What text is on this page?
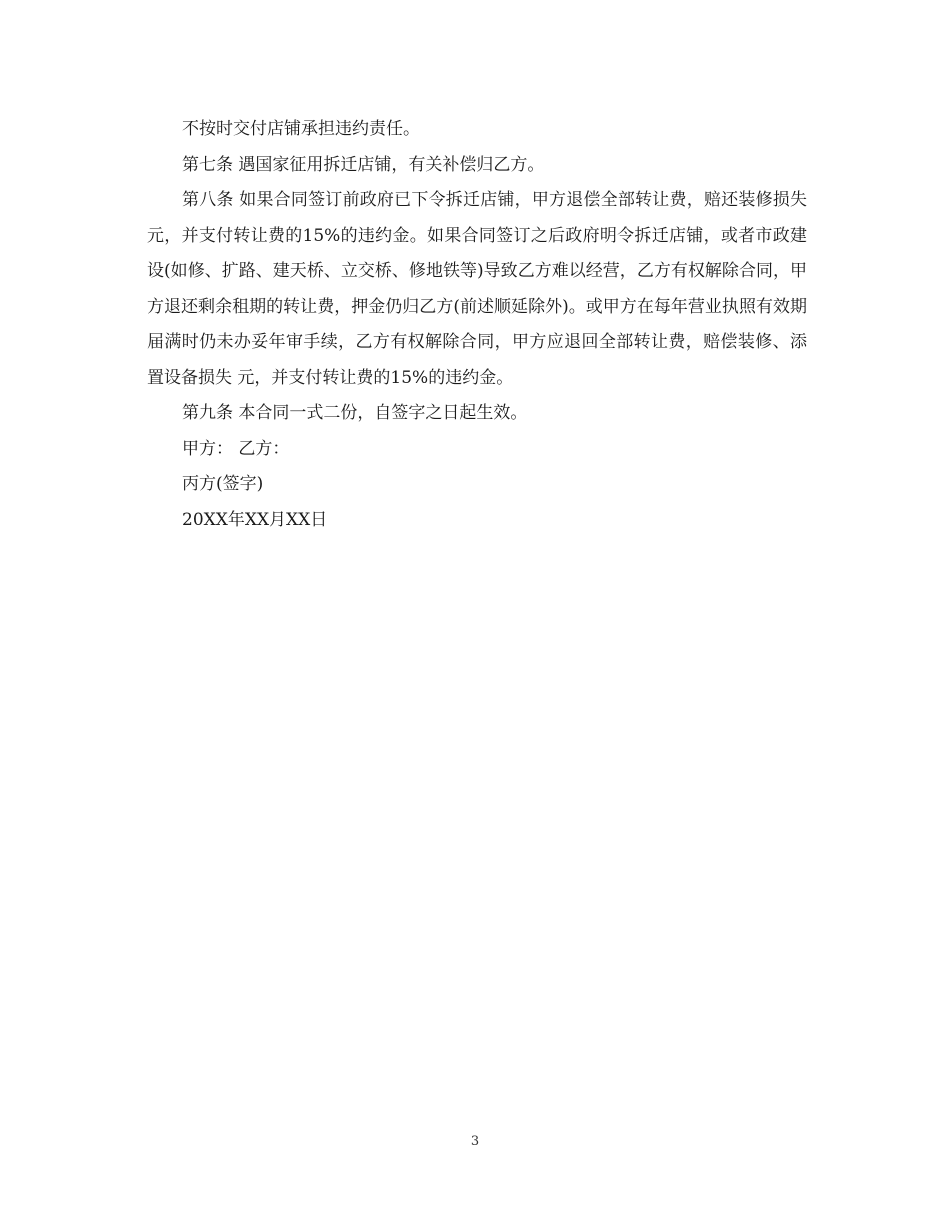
不按时交付店铺承担违约责任。

第七条 遇国家征用拆迁店铺，有关补偿归乙方。

第八条 如果合同签订前政府已下令拆迁店铺，甲方退偿全部转让费，赔还装修损失 元，并支付转让费的15%的违约金。如果合同签订之后政府明令拆迁店铺，或者市政建设(如修、扩路、建天桥、立交桥、修地铁等)导致乙方难以经营，乙方有权解除合同，甲方退还剩余租期的转让费，押金仍归乙方(前述顺延除外)。或甲方在每年营业执照有效期届满时仍未办妥年审手续，乙方有权解除合同，甲方应退回全部转让费，赔偿装修、添置设备损失 元，并支付转让费的15%的违约金。

第九条 本合同一式二份，自签字之日起生效。

甲方： 乙方：

丙方(签字)

20XX年XX月XX日

3
